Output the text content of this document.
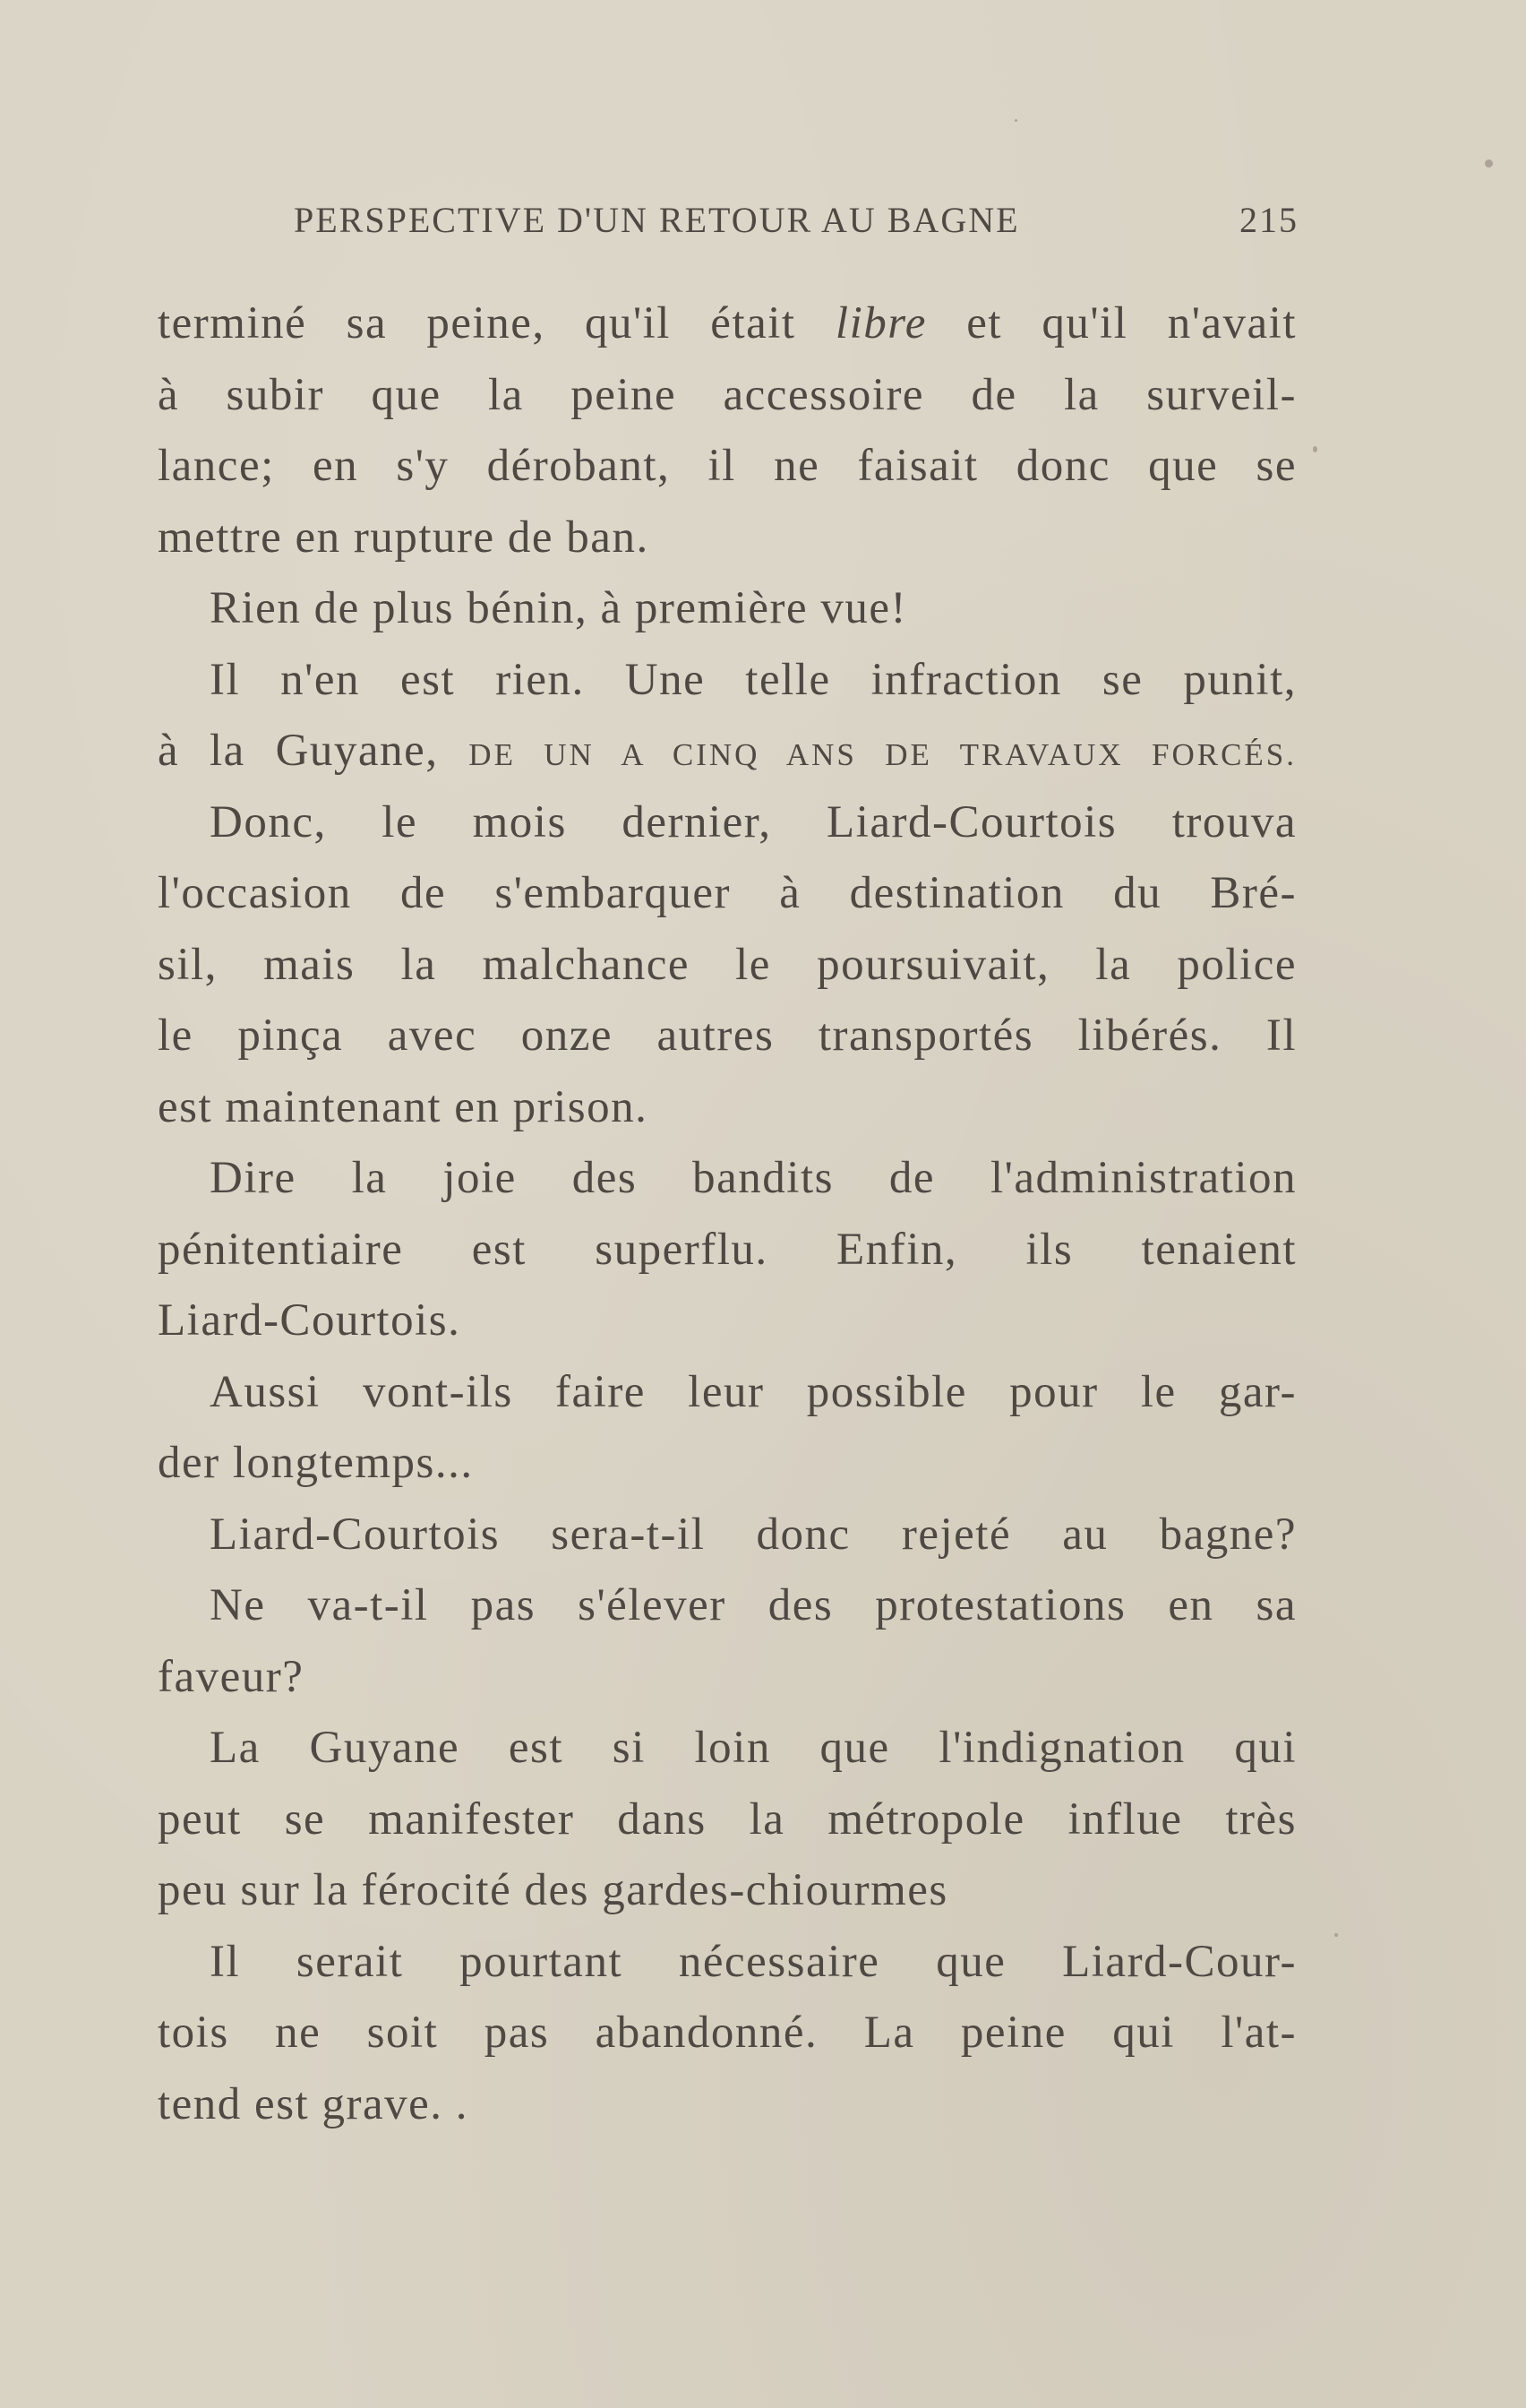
PERSPECTIVE D'UN RETOUR AU BAGNE	215
terminé sa peine, qu'il était libre et qu'il n'avait
à subir que la peine accessoire de la surveil-
lance; en s'y dérobant, il ne faisait donc que se
mettre en rupture de ban.
Rien de plus bénin, à première vue!
Il n'en est rien. Une telle infraction se punit,
à la Guyane, DE UN A CINQ ANS DE TRAVAUX FORCÉS.
Donc, le mois dernier, Liard-Courtois trouva
l'occasion de s'embarquer à destination du Bré-
sil, mais la malchance le poursuivait, la police
le pinça avec onze autres transportés libérés. Il
est maintenant en prison.
Dire la joie des bandits de l'administration
pénitentiaire est superflu. Enfin, ils tenaient
Liard-Courtois.
Aussi vont-ils faire leur possible pour le gar-
der longtemps...
Liard-Courtois sera-t-il donc rejeté au bagne?
Ne va-t-il pas s'élever des protestations en sa
faveur?
La Guyane est si loin que l'indignation qui
peut se manifester dans la métropole influe très
peu sur la férocité des gardes-chiourmes
Il serait pourtant nécessaire que Liard-Cour-
tois ne soit pas abandonné. La peine qui l'at-
tend est grave. .
